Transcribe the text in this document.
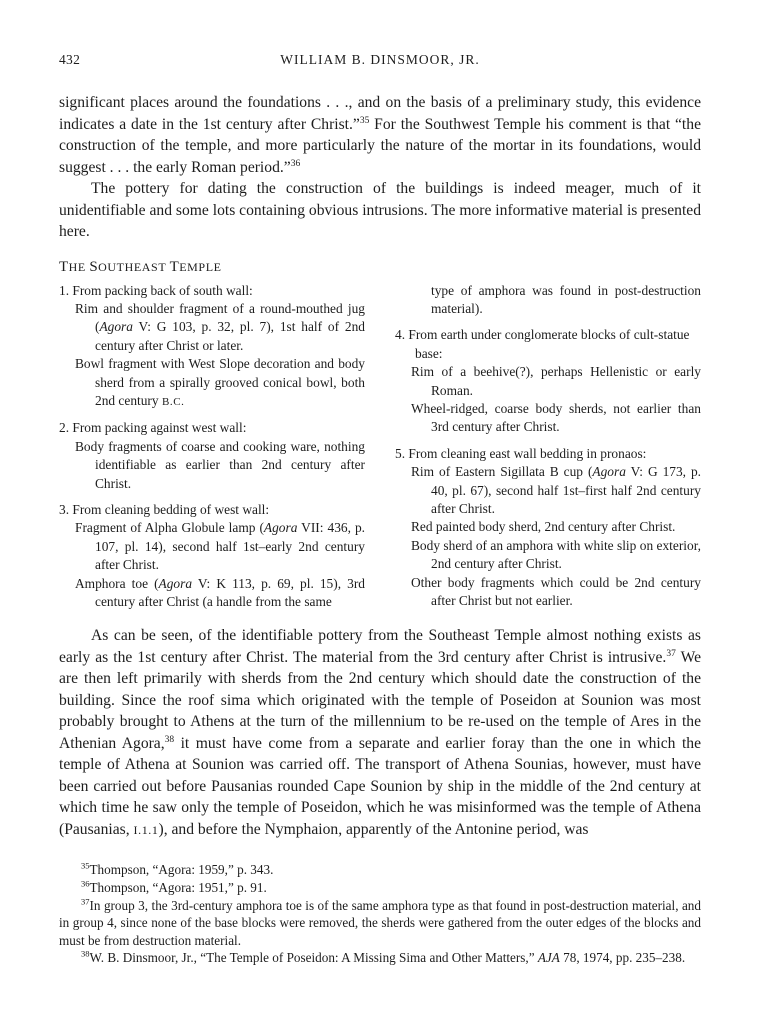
432	WILLIAM B. DINSMOOR, JR.

significant places around the foundations . . ., and on the basis of a preliminary study, this evidence indicates a date in the 1st century after Christ.”$^{35}$ For the Southwest Temple his comment is that “the construction of the temple, and more particularly the nature of the mortar in its foundations, would suggest . . . the early Roman period.”$^{36}$

The pottery for dating the construction of the buildings is indeed meager, much of it unidentifiable and some lots containing obvious intrusions. The more informative material is presented here.

THE SOUTHEAST TEMPLE
1. From packing back of south wall:
Rim and shoulder fragment of a round-mouthed jug (Agora V: G 103, p. 32, pl. 7), 1st half of 2nd century after Christ or later.
Bowl fragment with West Slope decoration and body sherd from a spirally grooved conical bowl, both 2nd century B.C.
2. From packing against west wall:
Body fragments of coarse and cooking ware, nothing identifiable as earlier than 2nd century after Christ.
3. From cleaning bedding of west wall:
Fragment of Alpha Globule lamp (Agora VII: 436, p. 107, pl. 14), second half 1st–early 2nd century after Christ.
Amphora toe (Agora V: K 113, p. 69, pl. 15), 3rd century after Christ (a handle from the same
type of amphora was found in post-destruction material).
4. From earth under conglomerate blocks of cult-statue base:
Rim of a beehive(?), perhaps Hellenistic or early Roman.
Wheel-ridged, coarse body sherds, not earlier than 3rd century after Christ.
5. From cleaning east wall bedding in pronaos:
Rim of Eastern Sigillata B cup (Agora V: G 173, p. 40, pl. 67), second half 1st–first half 2nd century after Christ.
Red painted body sherd, 2nd century after Christ.
Body sherd of an amphora with white slip on exterior, 2nd century after Christ.
Other body fragments which could be 2nd century after Christ but not earlier.

As can be seen, of the identifiable pottery from the Southeast Temple almost nothing exists as early as the 1st century after Christ. The material from the 3rd century after Christ is intrusive.$^{37}$ We are then left primarily with sherds from the 2nd century which should date the construction of the building. Since the roof sima which originated with the temple of Poseidon at Sounion was most probably brought to Athens at the turn of the millennium to be re-used on the temple of Ares in the Athenian Agora,$^{38}$ it must have come from a separate and earlier foray than the one in which the temple of Athena at Sounion was carried off. The transport of Athena Sounias, however, must have been carried out before Pausanias rounded Cape Sounion by ship in the middle of the 2nd century at which time he saw only the temple of Poseidon, which he was misinformed was the temple of Athena (Pausanias, I.1.1), and before the Nymphaion, apparently of the Antonine period, was

$^{35}$Thompson, “Agora: 1959,” p. 343.

$^{36}$Thompson, “Agora: 1951,” p. 91.

$^{37}$In group 3, the 3rd-century amphora toe is of the same amphora type as that found in post-destruction material, and in group 4, since none of the base blocks were removed, the sherds were gathered from the outer edges of the blocks and must be from destruction material.

$^{38}$W. B. Dinsmoor, Jr., “The Temple of Poseidon: A Missing Sima and Other Matters,” AJA 78, 1974, pp. 235–238.
